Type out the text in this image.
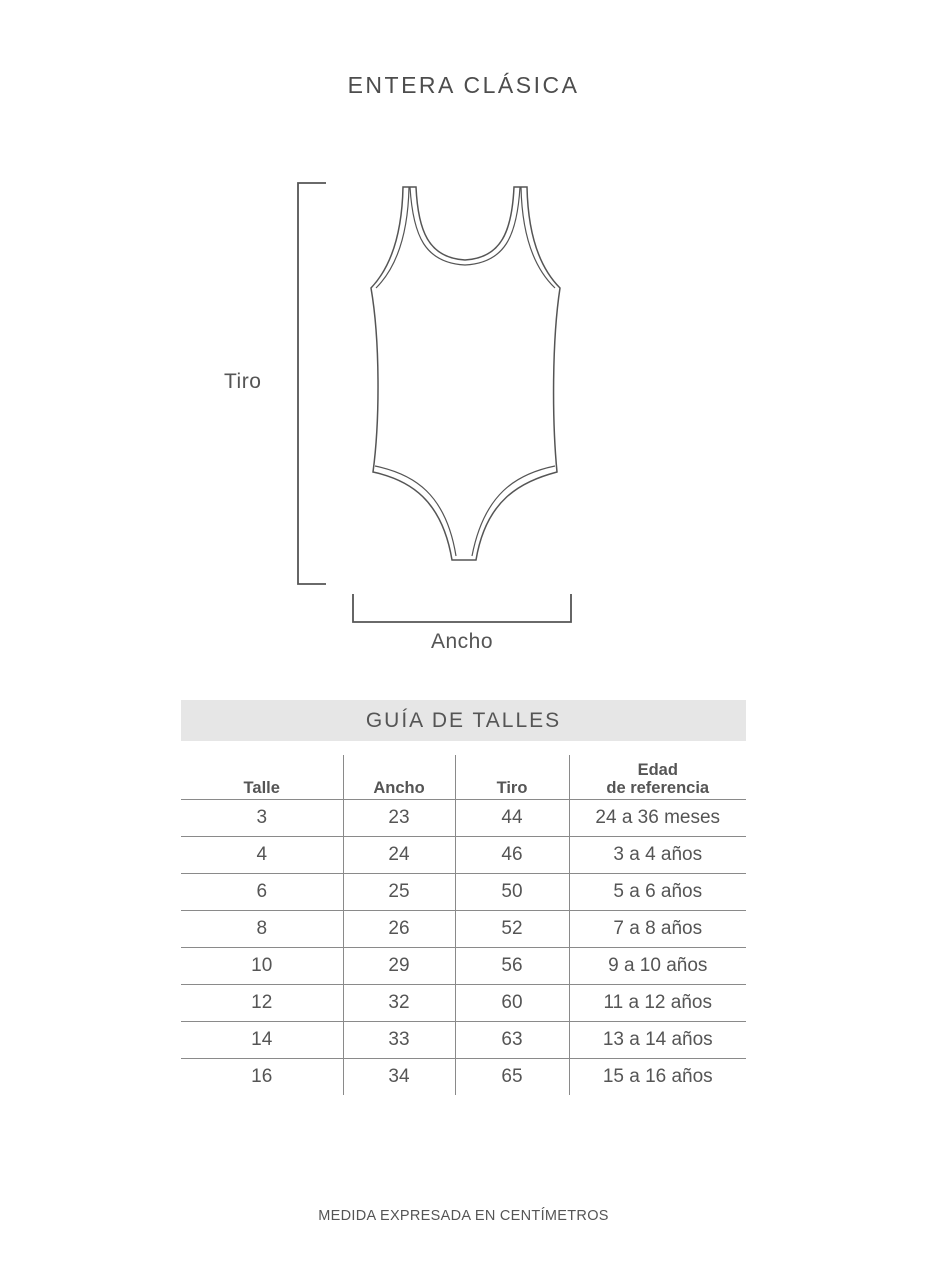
ENTERA CLÁSICA
Tiro
Ancho
GUÍA DE TALLES
Talle	Ancho	Tiro	Edad
de referencia
3	23	44	24 a 36 meses
4	24	46	3 a 4 años
6	25	50	5 a 6 años
8	26	52	7 a 8 años
10	29	56	9 a 10 años
12	32	60	11 a 12 años
14	33	63	13 a 14 años
16	34	65	15 a 16 años
MEDIDA EXPRESADA EN CENTÍMETROS
